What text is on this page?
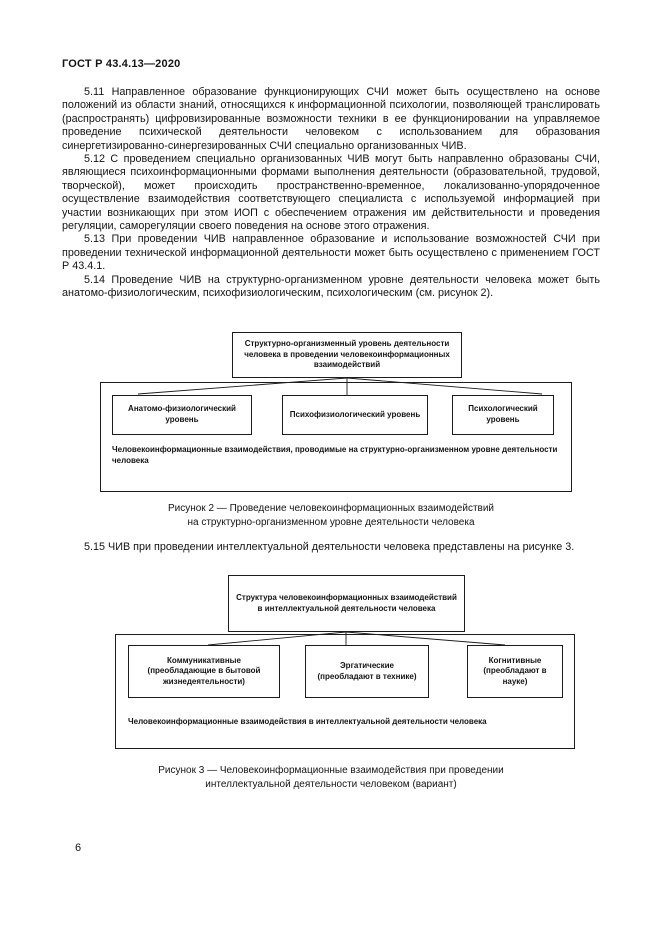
ГОСТ Р 43.4.13—2020

5.11 Направленное образование функционирующих СЧИ может быть осуществлено на основе положений из области знаний, относящихся к информационной психологии, позволяющей транслировать (распространять) цифровизированные возможности техники в ее функционировании на управляемое проведение психической деятельности человеком с использованием для образования синергетизированно-синергезированных СЧИ специально организованных ЧИВ.

5.12 С проведением специально организованных ЧИВ могут быть направленно образованы СЧИ, являющиеся психоинформационными формами выполнения деятельности (образовательной, трудовой, творческой), может происходить пространственно-временное, локализованно-упорядоченное осуществление взаимодействия соответствующего специалиста с используемой информацией при участии возникающих при этом ИОП с обеспечением отражения им действительности и проведения регуляции, саморегуляции своего поведения на основе этого отражения.

5.13 При проведении ЧИВ направленное образование и использование возможностей СЧИ при проведении технической информационной деятельности может быть осуществлено с применением ГОСТ Р 43.4.1.

5.14 Проведение ЧИВ на структурно-организменном уровне деятельности человека может быть анатомо-физиологическим, психофизиологическим, психологическим (см. рисунок 2).

Структурно-организменный уровень деятельности человека в проведении человекоинформационных взаимодействий
Анатомо-физиологический уровень
Психофизиологический уровень
Психологический уровень
Человекоинформационные взаимодействия, проводимые на структурно-организменном уровне деятельности человека
Рисунок 2 — Проведение человекоинформационных взаимодействий
на структурно-организменном уровне деятельности человека

5.15 ЧИВ при проведении интеллектуальной деятельности человека представлены на рисунке 3.

Структура человекоинформационных взаимодействий в интеллектуальной деятельности человека
Коммуникативные (преобладающие в бытовой жизнедеятельности)
Эргатические (преобладают в технике)
Когнитивные (преобладают в науке)
Человекоинформационные взаимодействия в интеллектуальной деятельности человека
Рисунок 3 — Человекоинформационные взаимодействия при проведении
интеллектуальной деятельности человеком (вариант)
6
